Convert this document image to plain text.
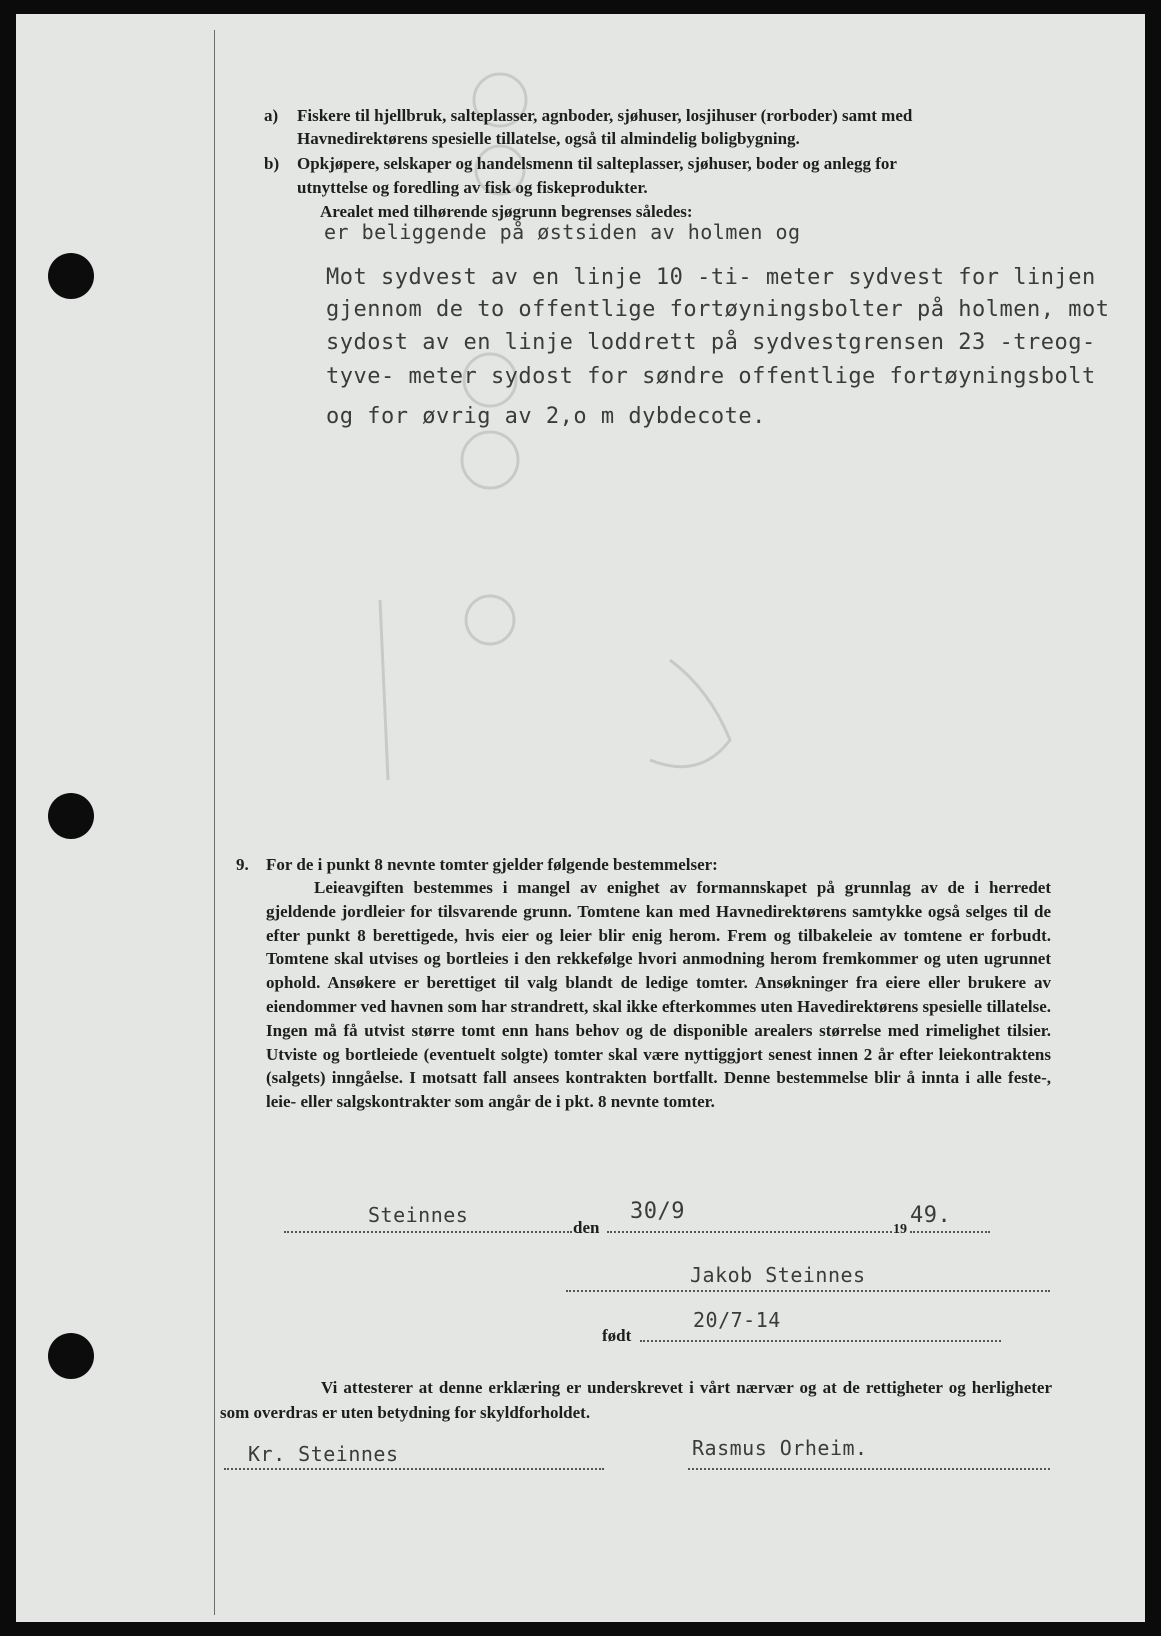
a) Fiskere til hjellbruk, salteplasser, agnboder, sjøhuser, losjihuser (rorboder) samt med
Havnedirektørens spesielle tillatelse, også til almindelig boligbygning.
b) Opkjøpere, selskaper og handelsmenn til salteplasser, sjøhuser, boder og anlegg for
utnyttelse og foredling av fisk og fiskeprodukter.
Arealet med tilhørende sjøgrunn begrenses således:
er beliggende på østsiden av holmen og
Mot sydvest av en linje 10 -ti- meter sydvest for linjen
gjennom de to offentlige fortøyningsbolter på holmen, mot
sydost av en linje loddrett på sydvestgrensen 23 -treog-
tyve- meter sydost for søndre offentlige fortøyningsbolt
og for øvrig av 2,o m dybdecote.
9. For de i punkt 8 nevnte tomter gjelder følgende bestemmelser:

Leieavgiften bestemmes i mangel av enighet av formannskapet på grunnlag av de i herredet gjeldende jordleier for tilsvarende grunn. Tomtene kan med Havnedirektørens samtykke også selges til de efter punkt 8 berettigede, hvis eier og leier blir enig herom. Frem og tilbakeleie av tomtene er forbudt. Tomtene skal utvises og bortleies i den rekkefølge hvori anmodning herom fremkommer og uten ugrunnet ophold. Ansøkere er berettiget til valg blandt de ledige tomter. Ansøkninger fra eiere eller brukere av eiendommer ved havnen som har strandrett, skal ikke efterkommes uten Havedirektørens spesielle tillatelse. Ingen må få utvist større tomt enn hans behov og de disponible arealers størrelse med rimelighet tilsier. Utviste og bortleiede (eventuelt solgte) tomter skal være nyttiggjort senest innen 2 år efter leiekontraktens (salgets) inngåelse. I motsatt fall ansees kontrakten bortfallt. Denne bestemmelse blir å innta i alle feste-, leie- eller salgskontrakter som angår de i pkt. 8 nevnte tomter.

Steinnes
den
30/9
19
49.
Jakob Steinnes
født
20/7-14
Vi attesterer at denne erklæring er underskrevet i vårt nærvær og at de rettigheter og herligheter som overdras er uten betydning for skyldforholdet.
Kr. Steinnes	Rasmus Orheim.
